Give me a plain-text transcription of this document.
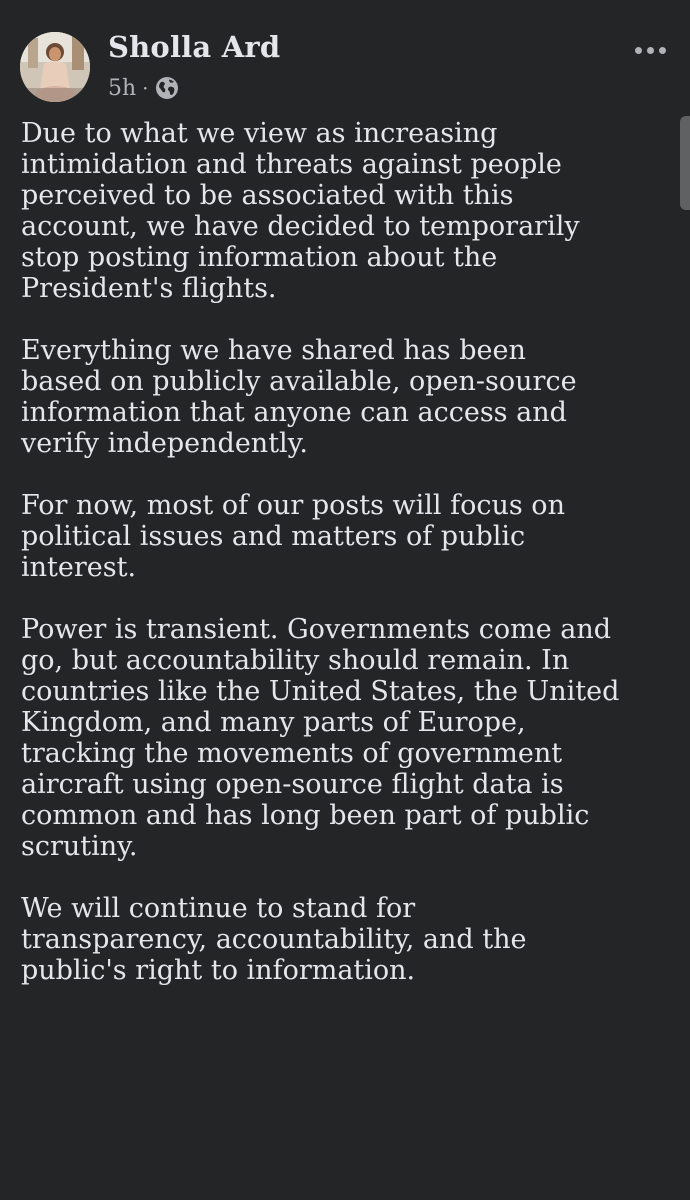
Sholla Ard
5h ·

Due to what we view as increasing
intimidation and threats against people
perceived to be associated with this
account, we have decided to temporarily
stop posting information about the
President's flights.

Everything we have shared has been
based on publicly available, open-source
information that anyone can access and
verify independently.

For now, most of our posts will focus on
political issues and matters of public
interest.

Power is transient. Governments come and
go, but accountability should remain. In
countries like the United States, the United
Kingdom, and many parts of Europe,
tracking the movements of government
aircraft using open-source flight data is
common and has long been part of public
scrutiny.

We will continue to stand for
transparency, accountability, and the
public's right to information.
